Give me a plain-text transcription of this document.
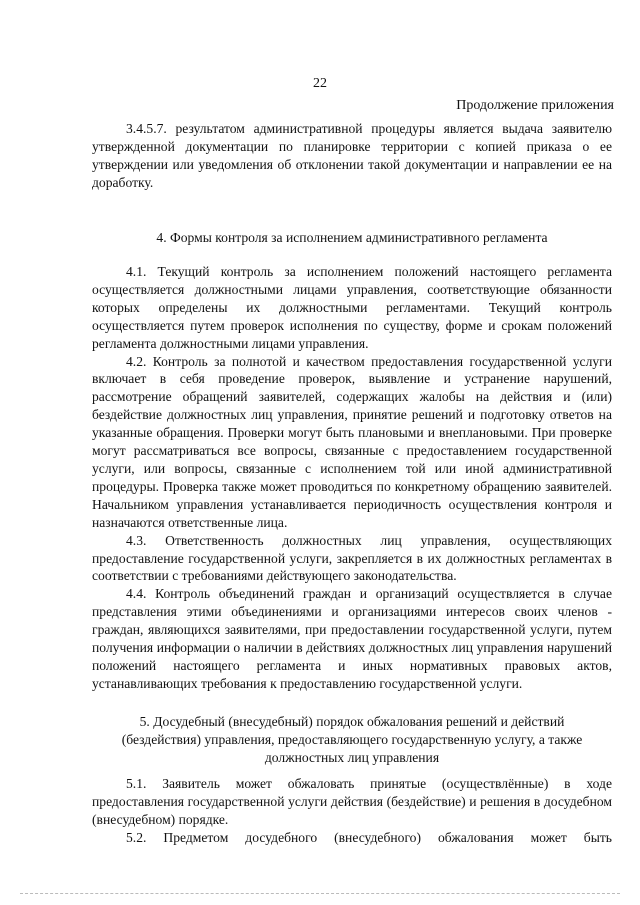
22
Продолжение приложения

3.4.5.7. результатом административной процедуры является выдача заявителю утвержденной документации по планировке территории с копией приказа о ее утверждении или уведомления об отклонении такой документации и направлении ее на доработку.

4. Формы контроля за исполнением административного регламента

4.1. Текущий контроль за исполнением положений настоящего регламента осуществляется должностными лицами управления, соответствующие обязанности которых определены их должностными регламентами. Текущий контроль осуществляется путем проверок исполнения по существу, форме и срокам положений регламента должностными лицами управления.

4.2. Контроль за полнотой и качеством предоставления государственной услуги включает в себя проведение проверок, выявление и устранение нарушений, рассмотрение обращений заявителей, содержащих жалобы на действия и (или) бездействие должностных лиц управления, принятие решений и подготовку ответов на указанные обращения. Проверки могут быть плановыми и внеплановыми. При проверке могут рассматриваться все вопросы, связанные с предоставлением государственной услуги, или вопросы, связанные с исполнением той или иной административной процедуры. Проверка также может проводиться по конкретному обращению заявителей. Начальником управления устанавливается периодичность осуществления контроля и назначаются ответственные лица.

4.3. Ответственность должностных лиц управления, осуществляющих предоставление государственной услуги, закрепляется в их должностных регламентах в соответствии с требованиями действующего законодательства.

4.4. Контроль объединений граждан и организаций осуществляется в случае представления этими объединениями и организациями интересов своих членов - граждан, являющихся заявителями, при предоставлении государственной услуги, путем получения информации о наличии в действиях должностных лиц управления нарушений положений настоящего регламента и иных нормативных правовых актов, устанавливающих требования к предоставлению государственной услуги.

5. Досудебный (внесудебный) порядок обжалования решений и действий
(бездействия) управления, предоставляющего государственную услугу, а также
должностных лиц управления

5.1. Заявитель может обжаловать принятые (осуществлённые) в ходе предоставления государственной услуги действия (бездействие) и решения в досудебном (внесудебном) порядке.

5.2. Предметом досудебного (внесудебного) обжалования может быть
